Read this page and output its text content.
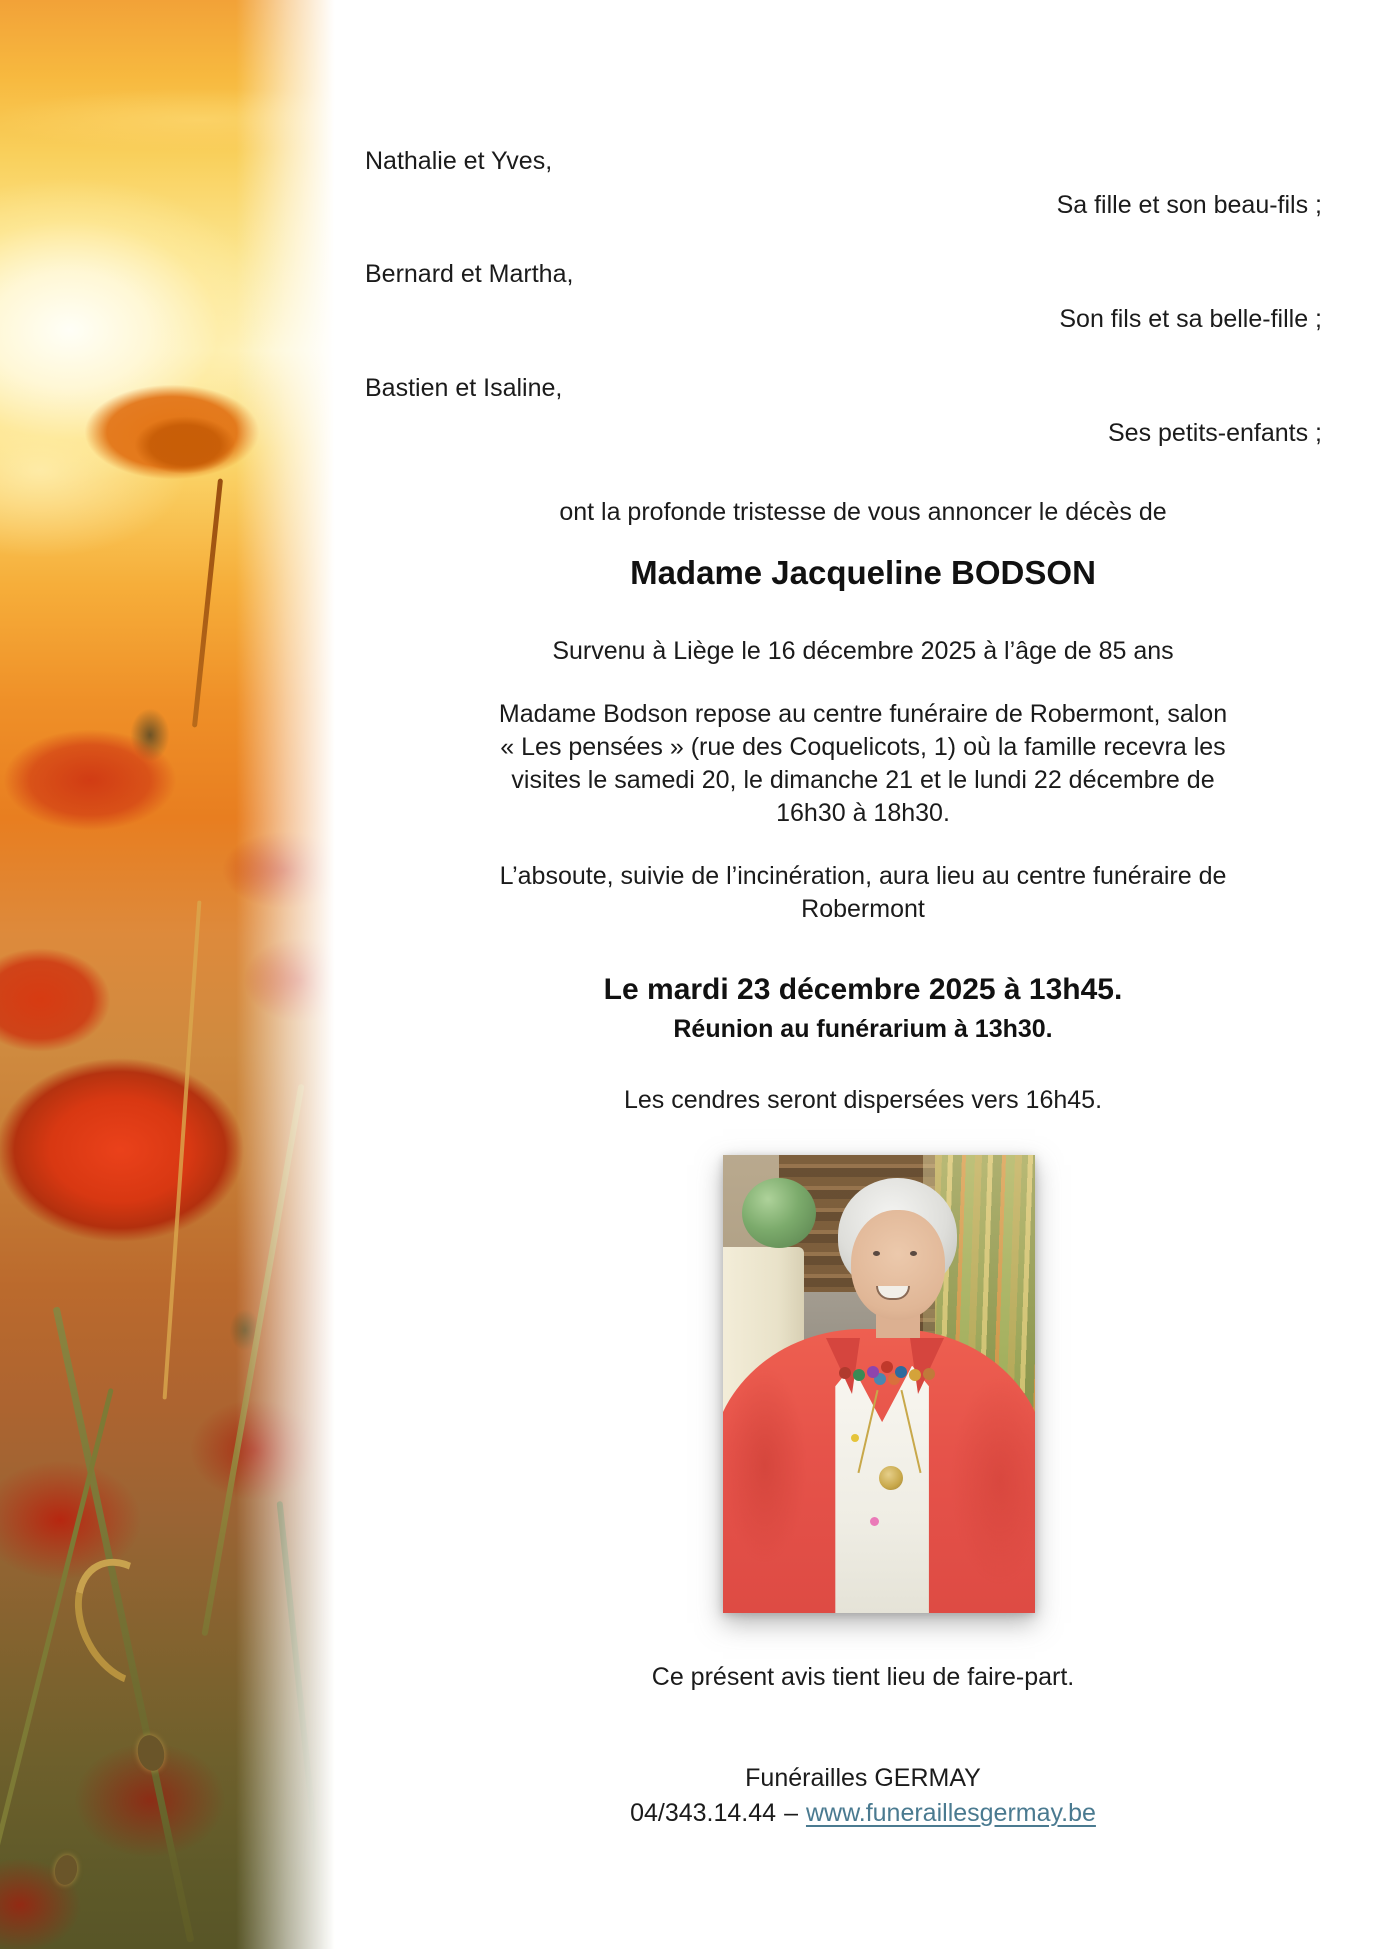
Nathalie et Yves,
Sa fille et son beau-fils ;
Bernard et Martha,
Son fils et sa belle-fille ;
Bastien et Isaline,
Ses petits-enfants ;
ont la profonde tristesse de vous annoncer le décès de
Madame Jacqueline BODSON
Survenu à Liège le 16 décembre 2025 à l’âge de 85 ans
Madame Bodson repose au centre funéraire de Robermont, salon
« Les pensées » (rue des Coquelicots, 1) où la famille recevra les
visites le samedi 20, le dimanche 21 et le lundi 22 décembre de
16h30 à 18h30.
L’absoute, suivie de l’incinération, aura lieu au centre funéraire de
Robermont
Le mardi 23 décembre 2025 à 13h45.
Réunion au funérarium à 13h30.
Les cendres seront dispersées vers 16h45.
Ce présent avis tient lieu de faire-part.
Funérailles GERMAY
04/343.14.44 – www.funeraillesgermay.be
